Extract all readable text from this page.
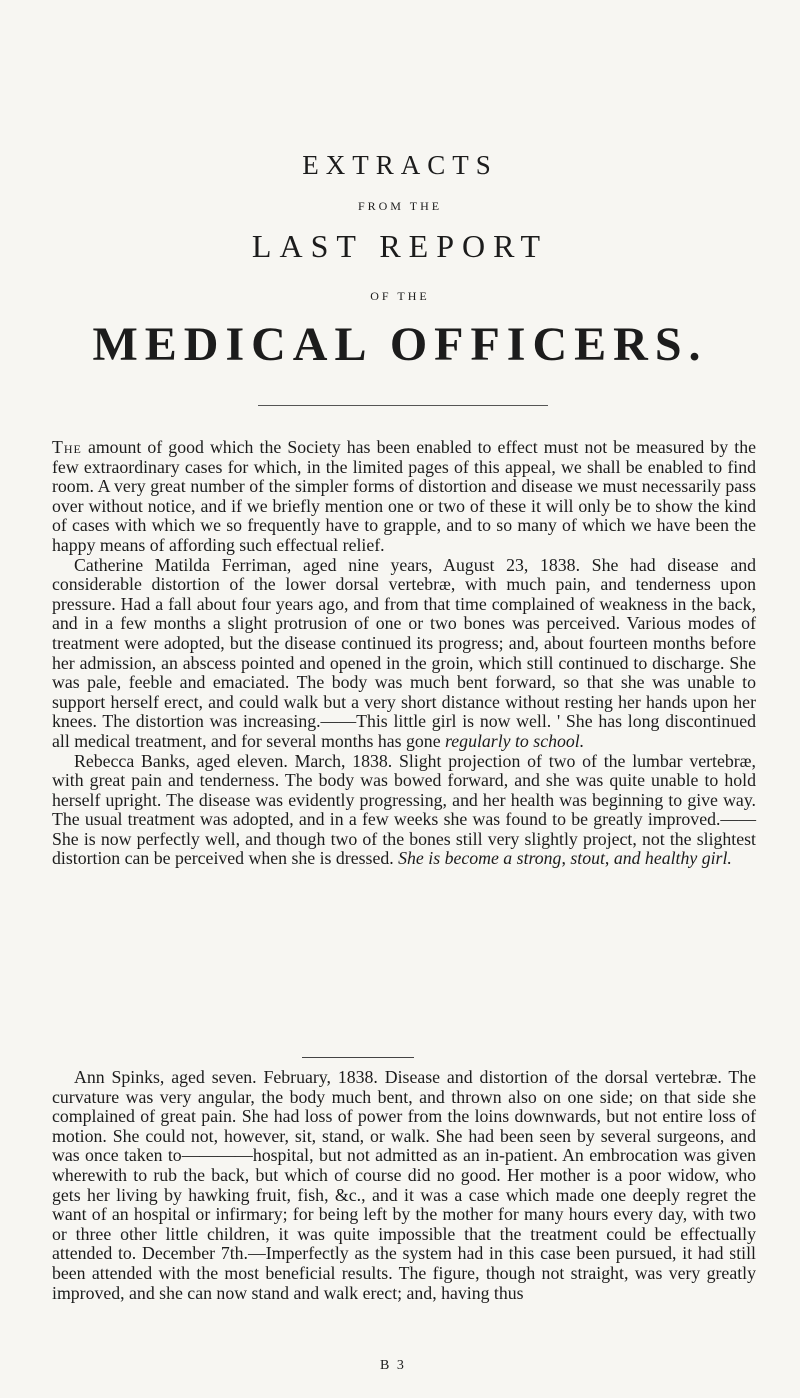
EXTRACTS
FROM THE
LAST REPORT
OF THE
MEDICAL OFFICERS.

The amount of good which the Society has been enabled to effect must not be measured by the few extraordinary cases for which, in the limited pages of this appeal, we shall be enabled to find room. A very great number of the simpler forms of distortion and disease we must necessarily pass over without notice, and if we briefly mention one or two of these it will only be to show the kind of cases with which we so frequently have to grapple, and to so many of which we have been the happy means of affording such effectual relief.

Catherine Matilda Ferriman, aged nine years, August 23, 1838. She had disease and considerable distortion of the lower dorsal vertebræ, with much pain, and tenderness upon pressure. Had a fall about four years ago, and from that time complained of weakness in the back, and in a few months a slight protrusion of one or two bones was perceived. Various modes of treatment were adopted, but the disease continued its progress; and, about fourteen months before her admission, an abscess pointed and opened in the groin, which still continued to discharge. She was pale, feeble and emaciated. The body was much bent forward, so that she was unable to support herself erect, and could walk but a very short distance without resting her hands upon her knees. The distortion was increasing.——This little girl is now well. ' She has long discontinued all medical treatment, and for several months has gone regularly to school.

Rebecca Banks, aged eleven. March, 1838. Slight projection of two of the lumbar vertebræ, with great pain and tenderness. The body was bowed forward, and she was quite unable to hold herself upright. The disease was evidently progressing, and her health was beginning to give way. The usual treatment was adopted, and in a few weeks she was found to be greatly improved.——She is now perfectly well, and though two of the bones still very slightly project, not the slightest distortion can be perceived when she is dressed. She is become a strong, stout, and healthy girl.

Ann Spinks, aged seven. February, 1838. Disease and distortion of the dorsal vertebræ. The curvature was very angular, the body much bent, and thrown also on one side; on that side she complained of great pain. She had loss of power from the loins downwards, but not entire loss of motion. She could not, however, sit, stand, or walk. She had been seen by several surgeons, and was once taken to————hospital, but not admitted as an in-patient. An embrocation was given wherewith to rub the back, but which of course did no good. Her mother is a poor widow, who gets her living by hawking fruit, fish, &c., and it was a case which made one deeply regret the want of an hospital or infirmary; for being left by the mother for many hours every day, with two or three other little children, it was quite impossible that the treatment could be effectually attended to. December 7th.—Imperfectly as the system had in this case been pursued, it had still been attended with the most beneficial results. The figure, though not straight, was very greatly improved, and she can now stand and walk erect; and, having thus

B 3
